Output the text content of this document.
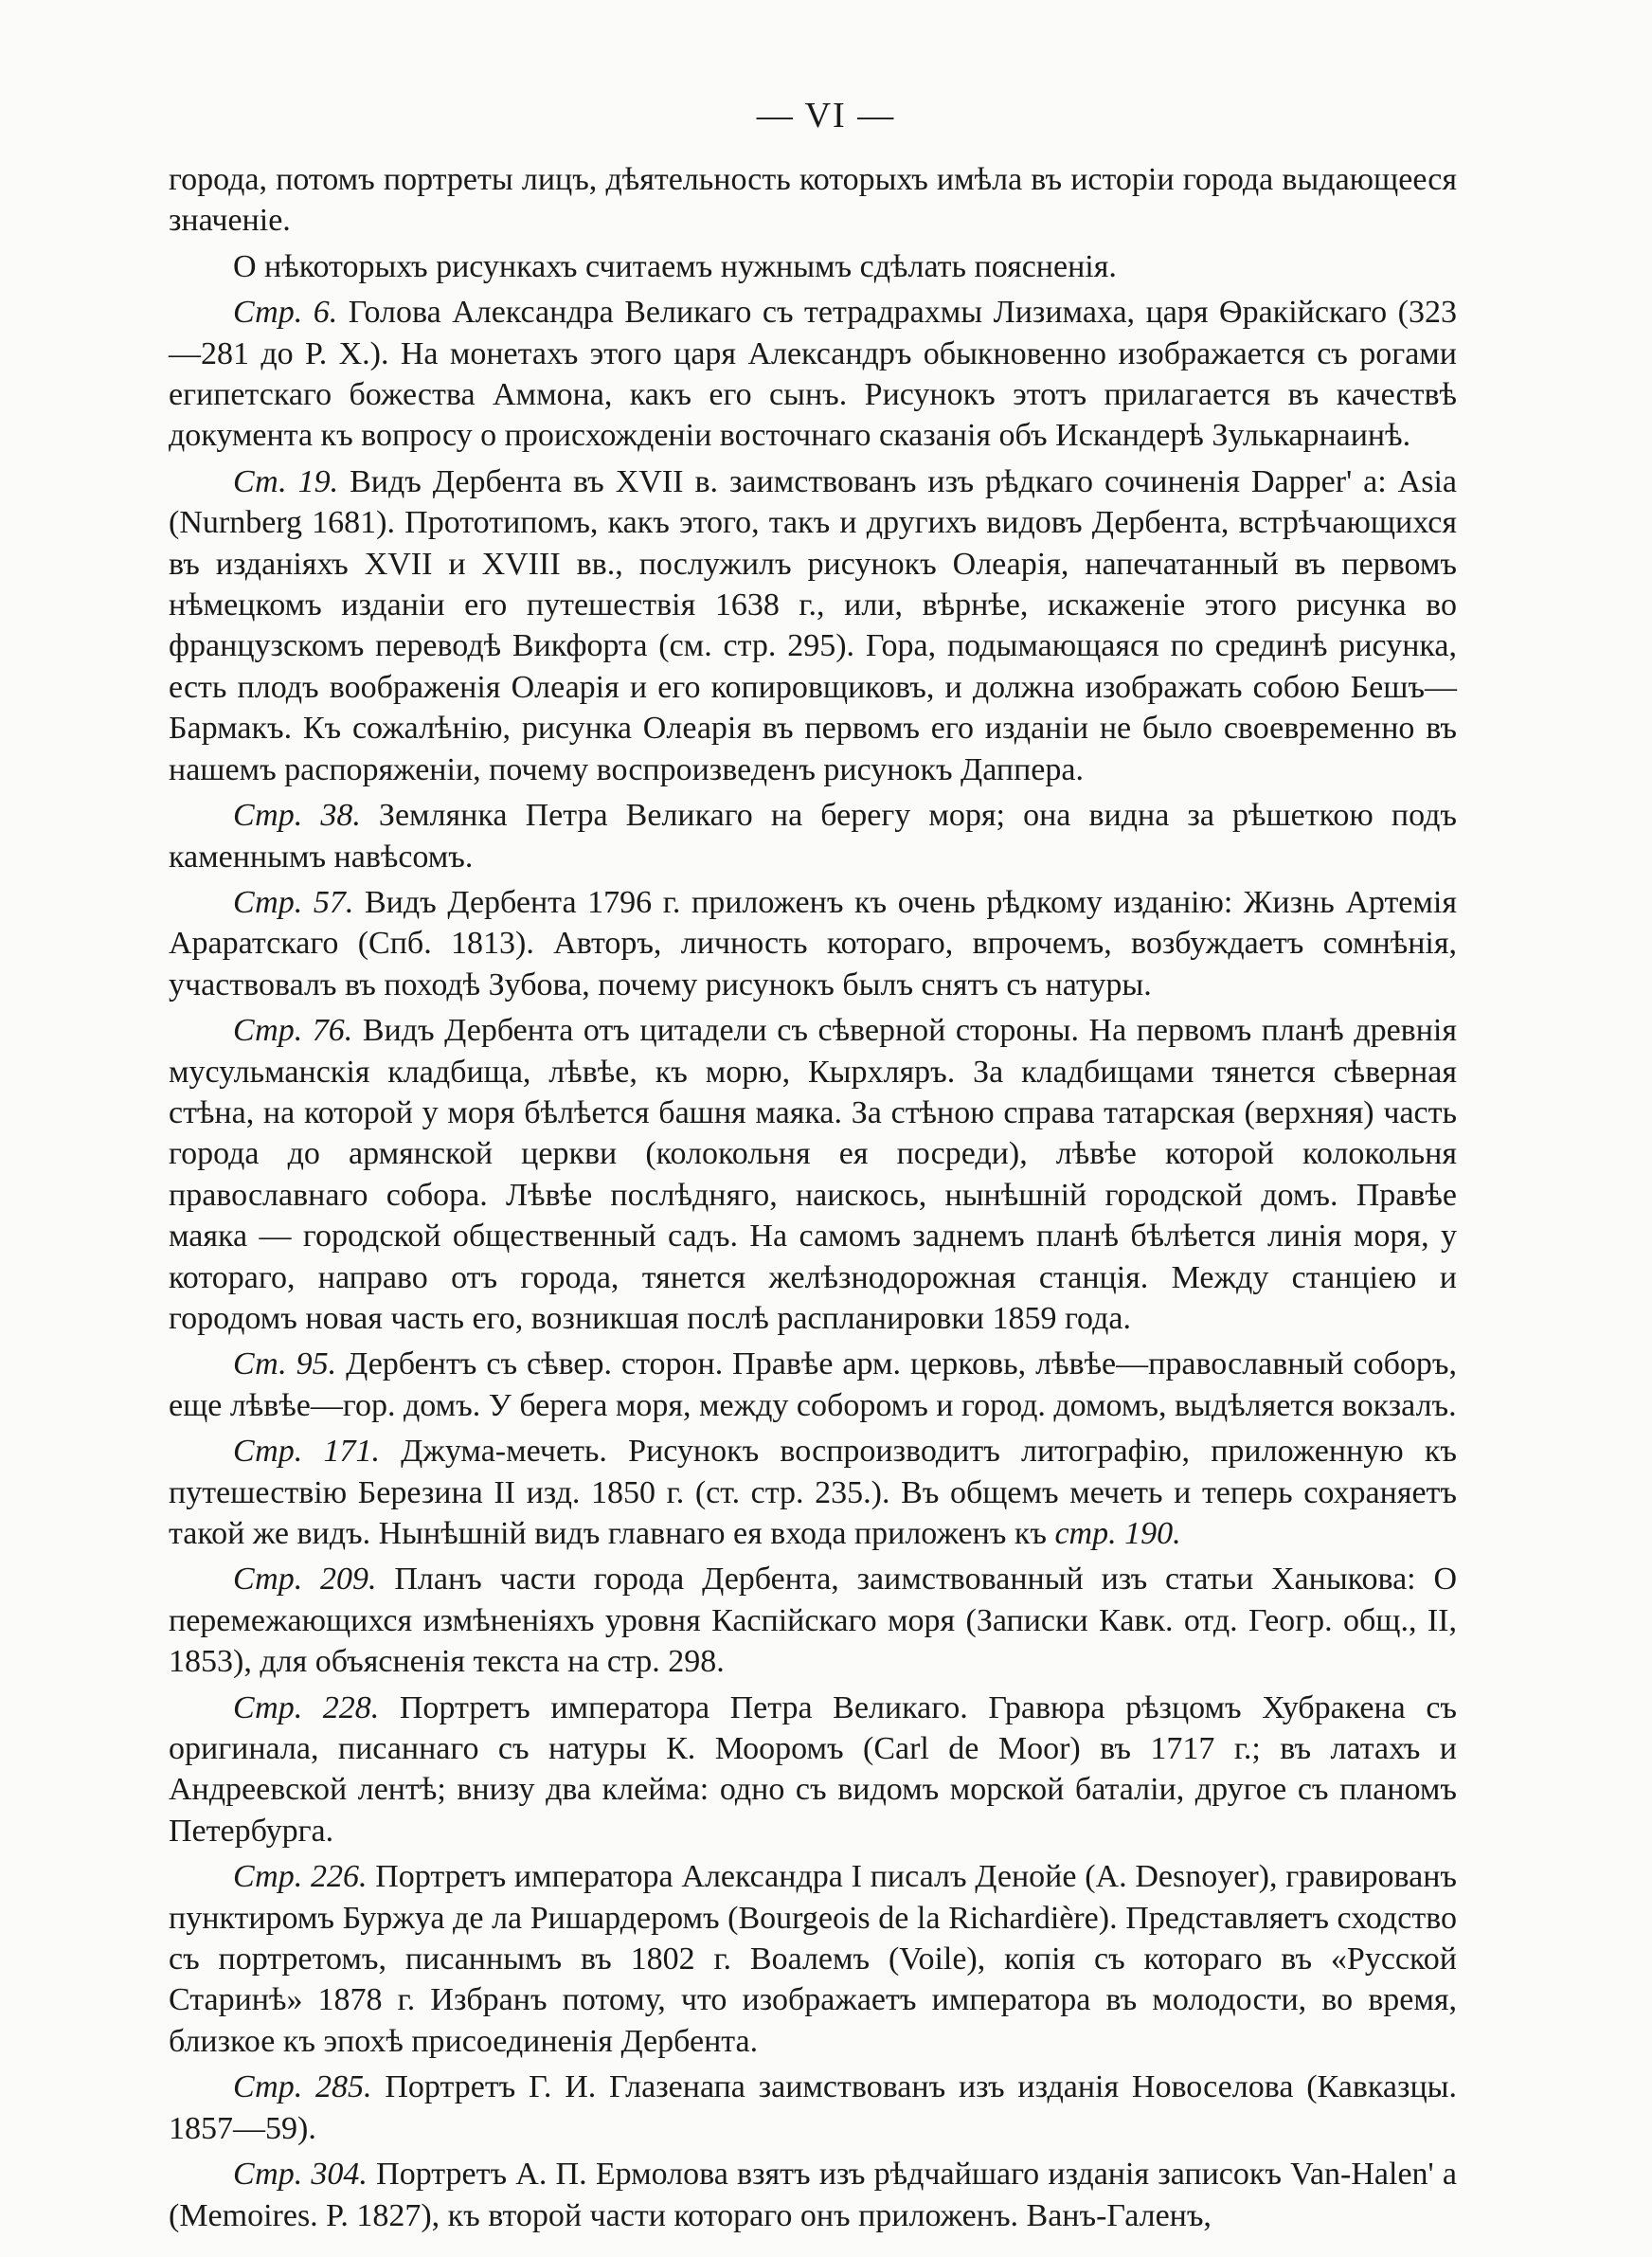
— VI —

города, потомъ портреты лицъ, дѣятельность которыхъ имѣла въ исторіи города выдающееся значеніе.

О нѣкоторыхъ рисункахъ считаемъ нужнымъ сдѣлать поясненія.

Стр. 6. Голова Александра Великаго съ тетрадрахмы Лизимаха, царя Ѳракійскаго (323—281 до Р. Х.). На монетахъ этого царя Александръ обыкновенно изображается съ рогами египетскаго божества Аммона, какъ его сынъ. Рисунокъ этотъ прилагается въ качествѣ документа къ вопросу о происхожденіи восточнаго сказанія объ Искандерѣ Зулькарнаинѣ.

Ст. 19. Видъ Дербента въ XVII в. заимствованъ изъ рѣдкаго сочиненія Dapper' а: Asia (Nurnberg 1681). Прототипомъ, какъ этого, такъ и другихъ видовъ Дербента, встрѣчающихся въ изданіяхъ XVII и XVIII вв., послужилъ рисунокъ Олеарія, напечатанный въ первомъ нѣмецкомъ изданіи его путешествія 1638 г., или, вѣрнѣе, искаженіе этого рисунка во французскомъ переводѣ Викфорта (см. стр. 295). Гора, подымающаяся по срединѣ рисунка, есть плодъ воображенія Олеарія и его копировщиковъ, и должна изображать собою Бешъ—Бармакъ. Къ сожалѣнію, рисунка Олеарія въ первомъ его изданіи не было своевременно въ нашемъ распоряженіи, почему воспроизведенъ рисунокъ Даппера.

Стр. 38. Землянка Петра Великаго на берегу моря; она видна за рѣшеткою подъ каменнымъ навѣсомъ.

Стр. 57. Видъ Дербента 1796 г. приложенъ къ очень рѣдкому изданію: Жизнь Артемія Араратскаго (Спб. 1813). Авторъ, личность котораго, впрочемъ, возбуждаетъ сомнѣнія, участвовалъ въ походѣ Зубова, почему рисунокъ былъ снятъ съ натуры.

Стр. 76. Видъ Дербента отъ цитадели съ сѣверной стороны. На первомъ планѣ древнія мусульманскія кладбища, лѣвѣе, къ морю, Кырхляръ. За кладбищами тянется сѣверная стѣна, на которой у моря бѣлѣется башня маяка. За стѣною справа татарская (верхняя) часть города до армянской церкви (колокольня ея посреди), лѣвѣе которой колокольня православнаго собора. Лѣвѣе послѣдняго, наискось, нынѣшній городской домъ. Правѣе маяка — городской общественный садъ. На самомъ заднемъ планѣ бѣлѣется линія моря, у котораго, направо отъ города, тянется желѣзнодорожная станція. Между станціею и городомъ новая часть его, возникшая послѣ распланировки 1859 года.

Ст. 95. Дербентъ съ сѣвер. сторон. Правѣе арм. церковь, лѣвѣе—православный соборъ, еще лѣвѣе—гор. домъ. У берега моря, между соборомъ и город. домомъ, выдѣляется вокзалъ.

Стр. 171. Джума-мечеть. Рисунокъ воспроизводитъ литографію, приложенную къ путешествію Березина II изд. 1850 г. (ст. стр. 235.). Въ общемъ мечеть и теперь сохраняетъ такой же видъ. Нынѣшній видъ главнаго ея входа приложенъ къ стр. 190.

Стр. 209. Планъ части города Дербента, заимствованный изъ статьи Ханыкова: О перемежающихся измѣненіяхъ уровня Каспійскаго моря (Записки Кавк. отд. Геогр. общ., II, 1853), для объясненія текста на стр. 298.

Стр. 228. Портретъ императора Петра Великаго. Гравюра рѣзцомъ Хубракена съ оригинала, писаннаго съ натуры К. Мооромъ (Carl de Moor) въ 1717 г.; въ латахъ и Андреевской лентѣ; внизу два клейма: одно съ видомъ морской баталіи, другое съ планомъ Петербурга.

Стр. 226. Портретъ императора Александра I писалъ Денойе (A. Desnoyer), гравированъ пунктиромъ Буржуа де ла Ришардеромъ (Bourgeois de la Richardière). Представляетъ сходство съ портретомъ, писаннымъ въ 1802 г. Воалемъ (Voile), копія съ котораго въ «Русской Старинѣ» 1878 г. Избранъ потому, что изображаетъ императора въ молодости, во время, близкое къ эпохѣ присоединенія Дербента.

Стр. 285. Портретъ Г. И. Глазенапа заимствованъ изъ изданія Новоселова (Кавказцы. 1857—59).

Стр. 304. Портретъ А. П. Ермолова взятъ изъ рѣдчайшаго изданія записокъ Van-Halen' a (Memoires. P. 1827), къ второй части котораго онъ приложенъ. Ванъ-Галенъ,
